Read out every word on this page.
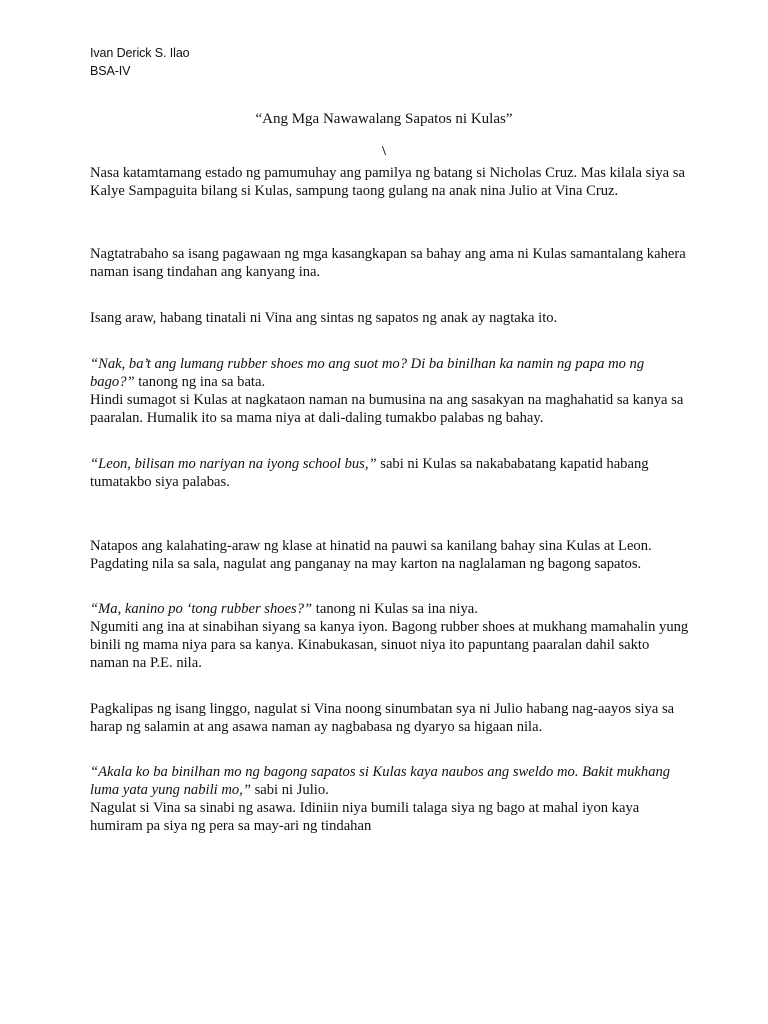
Ivan Derick S. Ilao
BSA-IV
“Ang Mga Nawawalang Sapatos ni Kulas”
\

Nasa katamtamang estado ng pamumuhay ang pamilya ng batang si Nicholas Cruz. Mas kilala siya sa Kalye Sampaguita bilang si Kulas, sampung taong gulang na anak nina Julio at Vina Cruz.

Nagtatrabaho sa isang pagawaan ng mga kasangkapan sa bahay ang ama ni Kulas samantalang kahera naman isang tindahan ang kanyang ina.

Isang araw, habang tinatali ni Vina ang sintas ng sapatos ng anak ay nagtaka ito.

“Nak, ba’t ang lumang rubber shoes mo ang suot mo? Di ba binilhan ka namin ng papa mo ng bago?” tanong ng ina sa bata.
Hindi sumagot si Kulas at nagkataon naman na bumusina na ang sasakyan na maghahatid sa kanya sa paaralan. Humalik ito sa mama niya at dali-daling tumakbo palabas ng bahay.

“Leon, bilisan mo nariyan na iyong school bus,” sabi ni Kulas sa nakababatang kapatid habang tumatakbo siya palabas.

Natapos ang kalahating-araw ng klase at hinatid na pauwi sa kanilang bahay sina Kulas at Leon. Pagdating nila sa sala, nagulat ang panganay na may karton na naglalaman ng bagong sapatos.

“Ma, kanino po ‘tong rubber shoes?” tanong ni Kulas sa ina niya.
Ngumiti ang ina at sinabihan siyang sa kanya iyon. Bagong rubber shoes at mukhang mamahalin yung binili ng mama niya para sa kanya. Kinabukasan, sinuot niya ito papuntang paaralan dahil sakto naman na P.E. nila.

Pagkalipas ng isang linggo, nagulat si Vina noong sinumbatan sya ni Julio habang nag-aayos siya sa harap ng salamin at ang asawa naman ay nagbabasa ng dyaryo sa higaan nila.

“Akala ko ba binilhan mo ng bagong sapatos si Kulas kaya naubos ang sweldo mo. Bakit mukhang luma yata yung nabili mo,” sabi ni Julio.
Nagulat si Vina sa sinabi ng asawa. Idiniin niya bumili talaga siya ng bago at mahal iyon kaya humiram pa siya ng pera sa may-ari ng tindahan
